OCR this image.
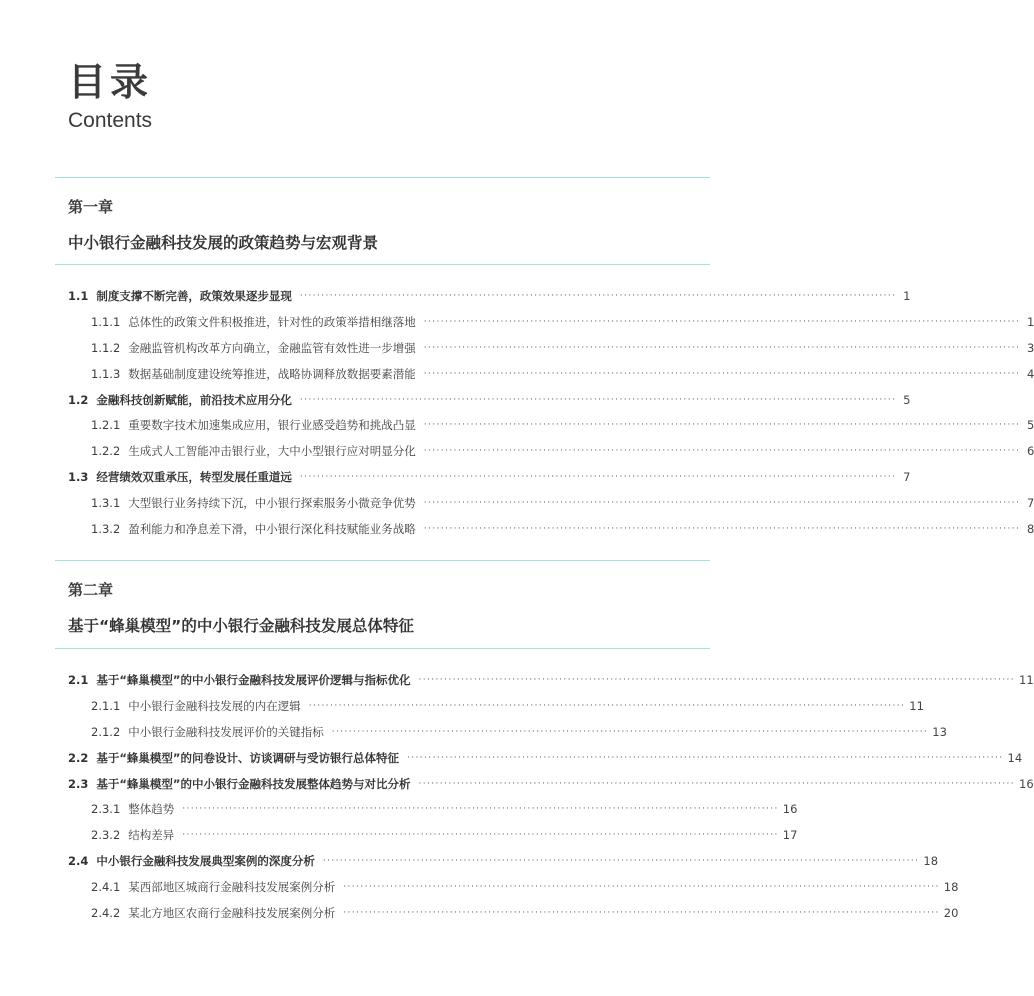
目录
Contents
第一章
中小银行金融科技发展的政策趋势与宏观背景
1.1 制度支撑不断完善，政策效果逐步显现 ············································································································································ 1
1.1.1 总体性的政策文件积极推进，针对性的政策举措相继落地 ············································································································································ 1
1.1.2 金融监管机构改革方向确立，金融监管有效性进一步增强 ············································································································································ 3
1.1.3 数据基础制度建设统筹推进，战略协调释放数据要素潜能 ············································································································································ 4
1.2 金融科技创新赋能，前沿技术应用分化 ············································································································································ 5
1.2.1 重要数字技术加速集成应用，银行业感受趋势和挑战凸显 ············································································································································ 5
1.2.2 生成式人工智能冲击银行业，大中小型银行应对明显分化 ············································································································································ 6
1.3 经营绩效双重承压，转型发展任重道远 ············································································································································ 7
1.3.1 大型银行业务持续下沉，中小银行探索服务小微竞争优势 ············································································································································ 7
1.3.2 盈利能力和净息差下滑，中小银行深化科技赋能业务战略 ············································································································································ 8
第二章
基于“蜂巢模型”的中小银行金融科技发展总体特征
2.1 基于“蜂巢模型”的中小银行金融科技发展评价逻辑与指标优化 ············································································································································ 11
2.1.1 中小银行金融科技发展的内在逻辑 ············································································································································ 11
2.1.2 中小银行金融科技发展评价的关键指标 ············································································································································ 13
2.2 基于“蜂巢模型”的问卷设计、访谈调研与受访银行总体特征 ············································································································································ 14
2.3 基于“蜂巢模型”的中小银行金融科技发展整体趋势与对比分析 ············································································································································ 16
2.3.1 整体趋势 ············································································································································ 16
2.3.2 结构差异 ············································································································································ 17
2.4 中小银行金融科技发展典型案例的深度分析 ············································································································································ 18
2.4.1 某西部地区城商行金融科技发展案例分析 ············································································································································ 18
2.4.2 某北方地区农商行金融科技发展案例分析 ············································································································································ 20
